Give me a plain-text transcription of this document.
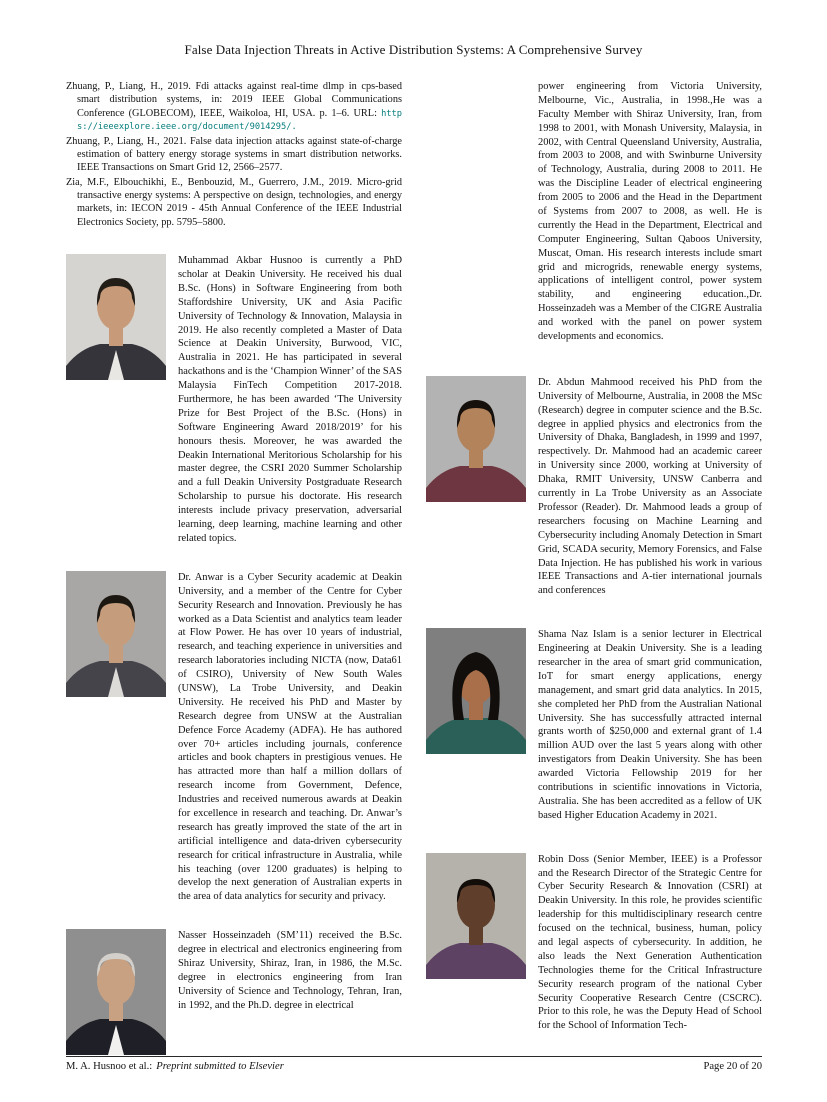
False Data Injection Threats in Active Distribution Systems: A Comprehensive Survey

Zhuang, P., Liang, H., 2019. Fdi attacks against real-time dlmp in cps-based smart distribution systems, in: 2019 IEEE Global Communications Conference (GLOBECOM), IEEE, Waikoloa, HI, USA. p. 1–6. URL: https://ieeexplore.ieee.org/document/9014295/.

Zhuang, P., Liang, H., 2021. False data injection attacks against state-of-charge estimation of battery energy storage systems in smart distribution networks. IEEE Transactions on Smart Grid 12, 2566–2577.

Zia, M.F., Elbouchikhi, E., Benbouzid, M., Guerrero, J.M., 2019. Micro-grid transactive energy systems: A perspective on design, technologies, and energy markets, in: IECON 2019 - 45th Annual Conference of the IEEE Industrial Electronics Society, pp. 5795–5800.

Muhammad Akbar Husnoo is currently a PhD scholar at Deakin University. He received his dual B.Sc. (Hons) in Software Engineering from both Staffordshire University, UK and Asia Pacific University of Technology & Innovation, Malaysia in 2019. He also recently completed a Master of Data Science at Deakin University, Burwood, VIC, Australia in 2021. He has participated in several hackathons and is the ‘Champion Winner’ of the SAS Malaysia FinTech Competition 2017-2018. Furthermore, he has been awarded ‘The University Prize for Best Project of the B.Sc. (Hons) in Software Engineering Award 2018/2019’ for his honours thesis. Moreover, he was awarded the Deakin International Meritorious Scholarship for his master degree, the CSRI 2020 Summer Scholarship and a full Deakin University Postgraduate Research Scholarship to pursue his doctorate. His research interests include privacy preservation, adversarial learning, deep learning, machine learning and other related topics.

Dr. Anwar is a Cyber Security academic at Deakin University, and a member of the Centre for Cyber Security Research and Innovation. Previously he has worked as a Data Scientist and analytics team leader at Flow Power. He has over 10 years of industrial, research, and teaching experience in universities and research laboratories including NICTA (now, Data61 of CSIRO), University of New South Wales (UNSW), La Trobe University, and Deakin University. He received his PhD and Master by Research degree from UNSW at the Australian Defence Force Academy (ADFA). He has authored over 70+ articles including journals, conference articles and book chapters in prestigious venues. He has attracted more than half a million dollars of research income from Government, Defence, Industries and received numerous awards at Deakin for excellence in research and teaching. Dr. Anwar’s research has greatly improved the state of the art in artificial intelligence and data-driven cybersecurity research for critical infrastructure in Australia, while his teaching (over 1200 graduates) is helping to develop the next generation of Australian experts in the area of data analytics for security and privacy.

Nasser Hosseinzadeh (SM’11) received the B.Sc. degree in electrical and electronics engineering from Shiraz University, Shiraz, Iran, in 1986, the M.Sc. degree in electronics engineering from Iran University of Science and Technology, Tehran, Iran, in 1992, and the Ph.D. degree in electrical

power engineering from Victoria University, Melbourne, Vic., Australia, in 1998.,He was a Faculty Member with Shiraz University, Iran, from 1998 to 2001, with Monash University, Malaysia, in 2002, with Central Queensland University, Australia, from 2003 to 2008, and with Swinburne University of Technology, Australia, during 2008 to 2011. He was the Discipline Leader of electrical engineering from 2005 to 2006 and the Head in the Department of Systems from 2007 to 2008, as well. He is currently the Head in the Department, Electrical and Computer Engineering, Sultan Qaboos University, Muscat, Oman. His research interests include smart grid and microgrids, renewable energy systems, applications of intelligent control, power system stability, and engineering education.,Dr. Hosseinzadeh was a Member of the CIGRE Australia and worked with the panel on power system developments and economics.

Dr. Abdun Mahmood received his PhD from the University of Melbourne, Australia, in 2008 the MSc (Research) degree in computer science and the B.Sc. degree in applied physics and electronics from the University of Dhaka, Bangladesh, in 1999 and 1997, respectively. Dr. Mahmood had an academic career in University since 2000, working at University of Dhaka, RMIT University, UNSW Canberra and currently in La Trobe University as an Associate Professor (Reader). Dr. Mahmood leads a group of researchers focusing on Machine Learning and Cybersecurity including Anomaly Detection in Smart Grid, SCADA security, Memory Forensics, and False Data Injection. He has published his work in various IEEE Transactions and A-tier international journals and conferences

Shama Naz Islam is a senior lecturer in Electrical Engineering at Deakin University. She is a leading researcher in the area of smart grid communication, IoT for smart energy applications, energy management, and smart grid data analytics. In 2015, she completed her PhD from the Australian National University. She has successfully attracted internal grants worth of $250,000 and external grant of 1.4 million AUD over the last 5 years along with other investigators from Deakin University. She has been awarded Victoria Fellowship 2019 for her contributions in scientific innovations in Victoria, Australia. She has been accredited as a fellow of UK based Higher Education Academy in 2021.

Robin Doss (Senior Member, IEEE) is a Professor and the Research Director of the Strategic Centre for Cyber Security Research & Innovation (CSRI) at Deakin University. In this role, he provides scientific leadership for this multidisciplinary research centre focused on the technical, business, human, policy and legal aspects of cybersecurity. In addition, he also leads the Next Generation Authentication Technologies theme for the Critical Infrastructure Security research program of the national Cyber Security Cooperative Research Centre (CSCRC). Prior to this role, he was the Deputy Head of School for the School of Information Tech-

M. A. Husnoo et al.: Preprint submitted to Elsevier	Page 20 of 20
